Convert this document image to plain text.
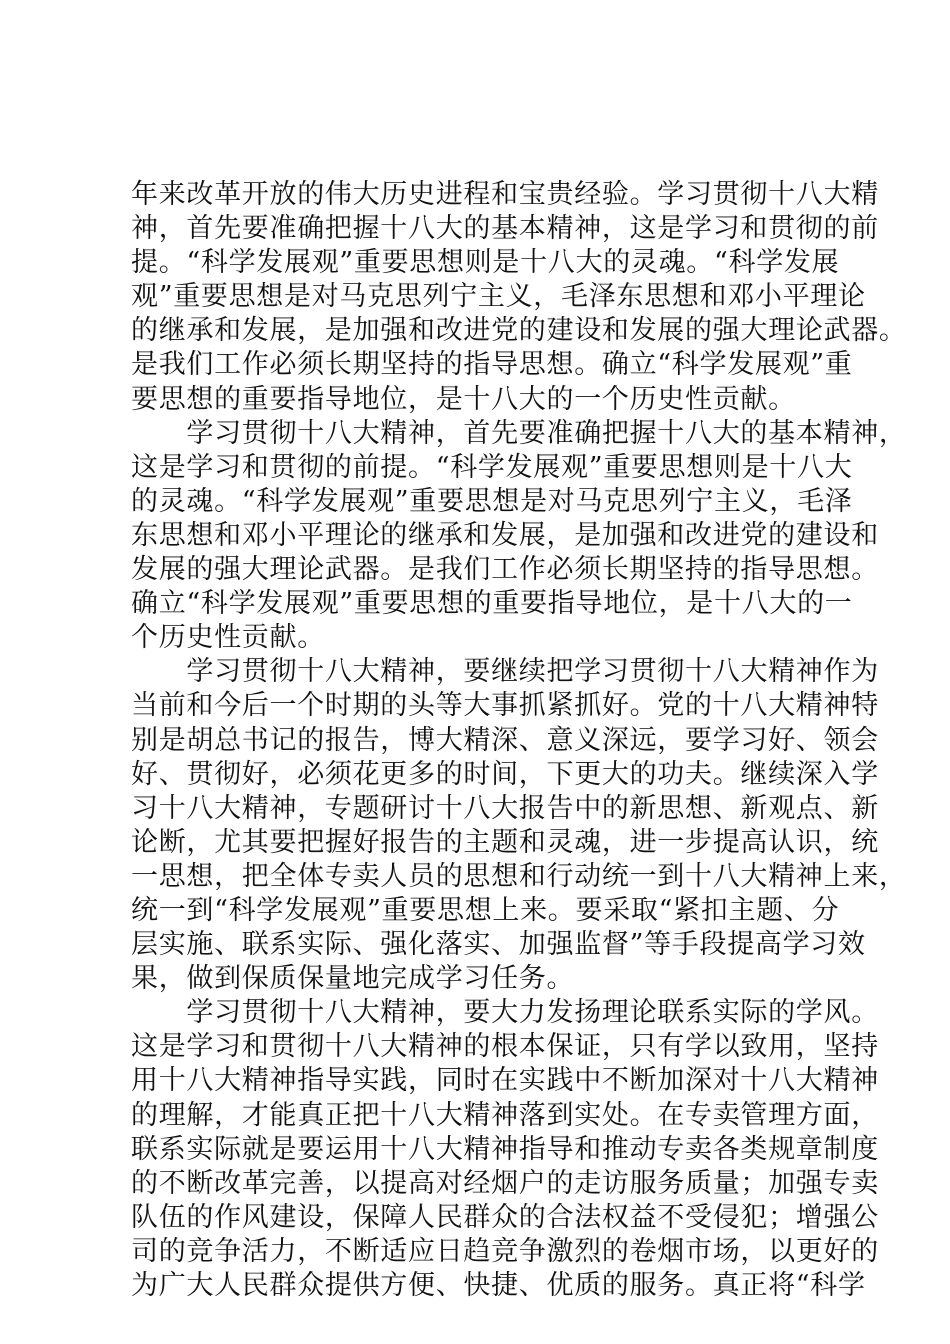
年来改革开放的伟大历史进程和宝贵经验。学习贯彻十八大精
神，首先要准确把握十八大的基本精神，这是学习和贯彻的前
提。“科学发展观”重要思想则是十八大的灵魂。“科学发展
观”重要思想是对马克思列宁主义，毛泽东思想和邓小平理论
的继承和发展，是加强和改进党的建设和发展的强大理论武器。
是我们工作必须长期坚持的指导思想。确立“科学发展观”重
要思想的重要指导地位，是十八大的一个历史性贡献。
　　学习贯彻十八大精神，首先要准确把握十八大的基本精神，
这是学习和贯彻的前提。“科学发展观”重要思想则是十八大
的灵魂。“科学发展观”重要思想是对马克思列宁主义，毛泽
东思想和邓小平理论的继承和发展，是加强和改进党的建设和
发展的强大理论武器。是我们工作必须长期坚持的指导思想。
确立“科学发展观”重要思想的重要指导地位，是十八大的一
个历史性贡献。
　　学习贯彻十八大精神，要继续把学习贯彻十八大精神作为
当前和今后一个时期的头等大事抓紧抓好。党的十八大精神特
别是胡总书记的报告，博大精深、意义深远，要学习好、领会
好、贯彻好，必须花更多的时间，下更大的功夫。继续深入学
习十八大精神，专题研讨十八大报告中的新思想、新观点、新
论断，尤其要把握好报告的主题和灵魂，进一步提高认识，统
一思想，把全体专卖人员的思想和行动统一到十八大精神上来，
统一到“科学发展观”重要思想上来。要采取“紧扣主题、分
层实施、联系实际、强化落实、加强监督”等手段提高学习效
果，做到保质保量地完成学习任务。
　　学习贯彻十八大精神，要大力发扬理论联系实际的学风。
这是学习和贯彻十八大精神的根本保证，只有学以致用，坚持
用十八大精神指导实践，同时在实践中不断加深对十八大精神
的理解，才能真正把十八大精神落到实处。在专卖管理方面，
联系实际就是要运用十八大精神指导和推动专卖各类规章制度
的不断改革完善，以提高对经烟户的走访服务质量；加强专卖
队伍的作风建设，保障人民群众的合法权益不受侵犯；增强公
司的竞争活力，不断适应日趋竞争激烈的卷烟市场，以更好的
为广大人民群众提供方便、快捷、优质的服务。真正将“科学
